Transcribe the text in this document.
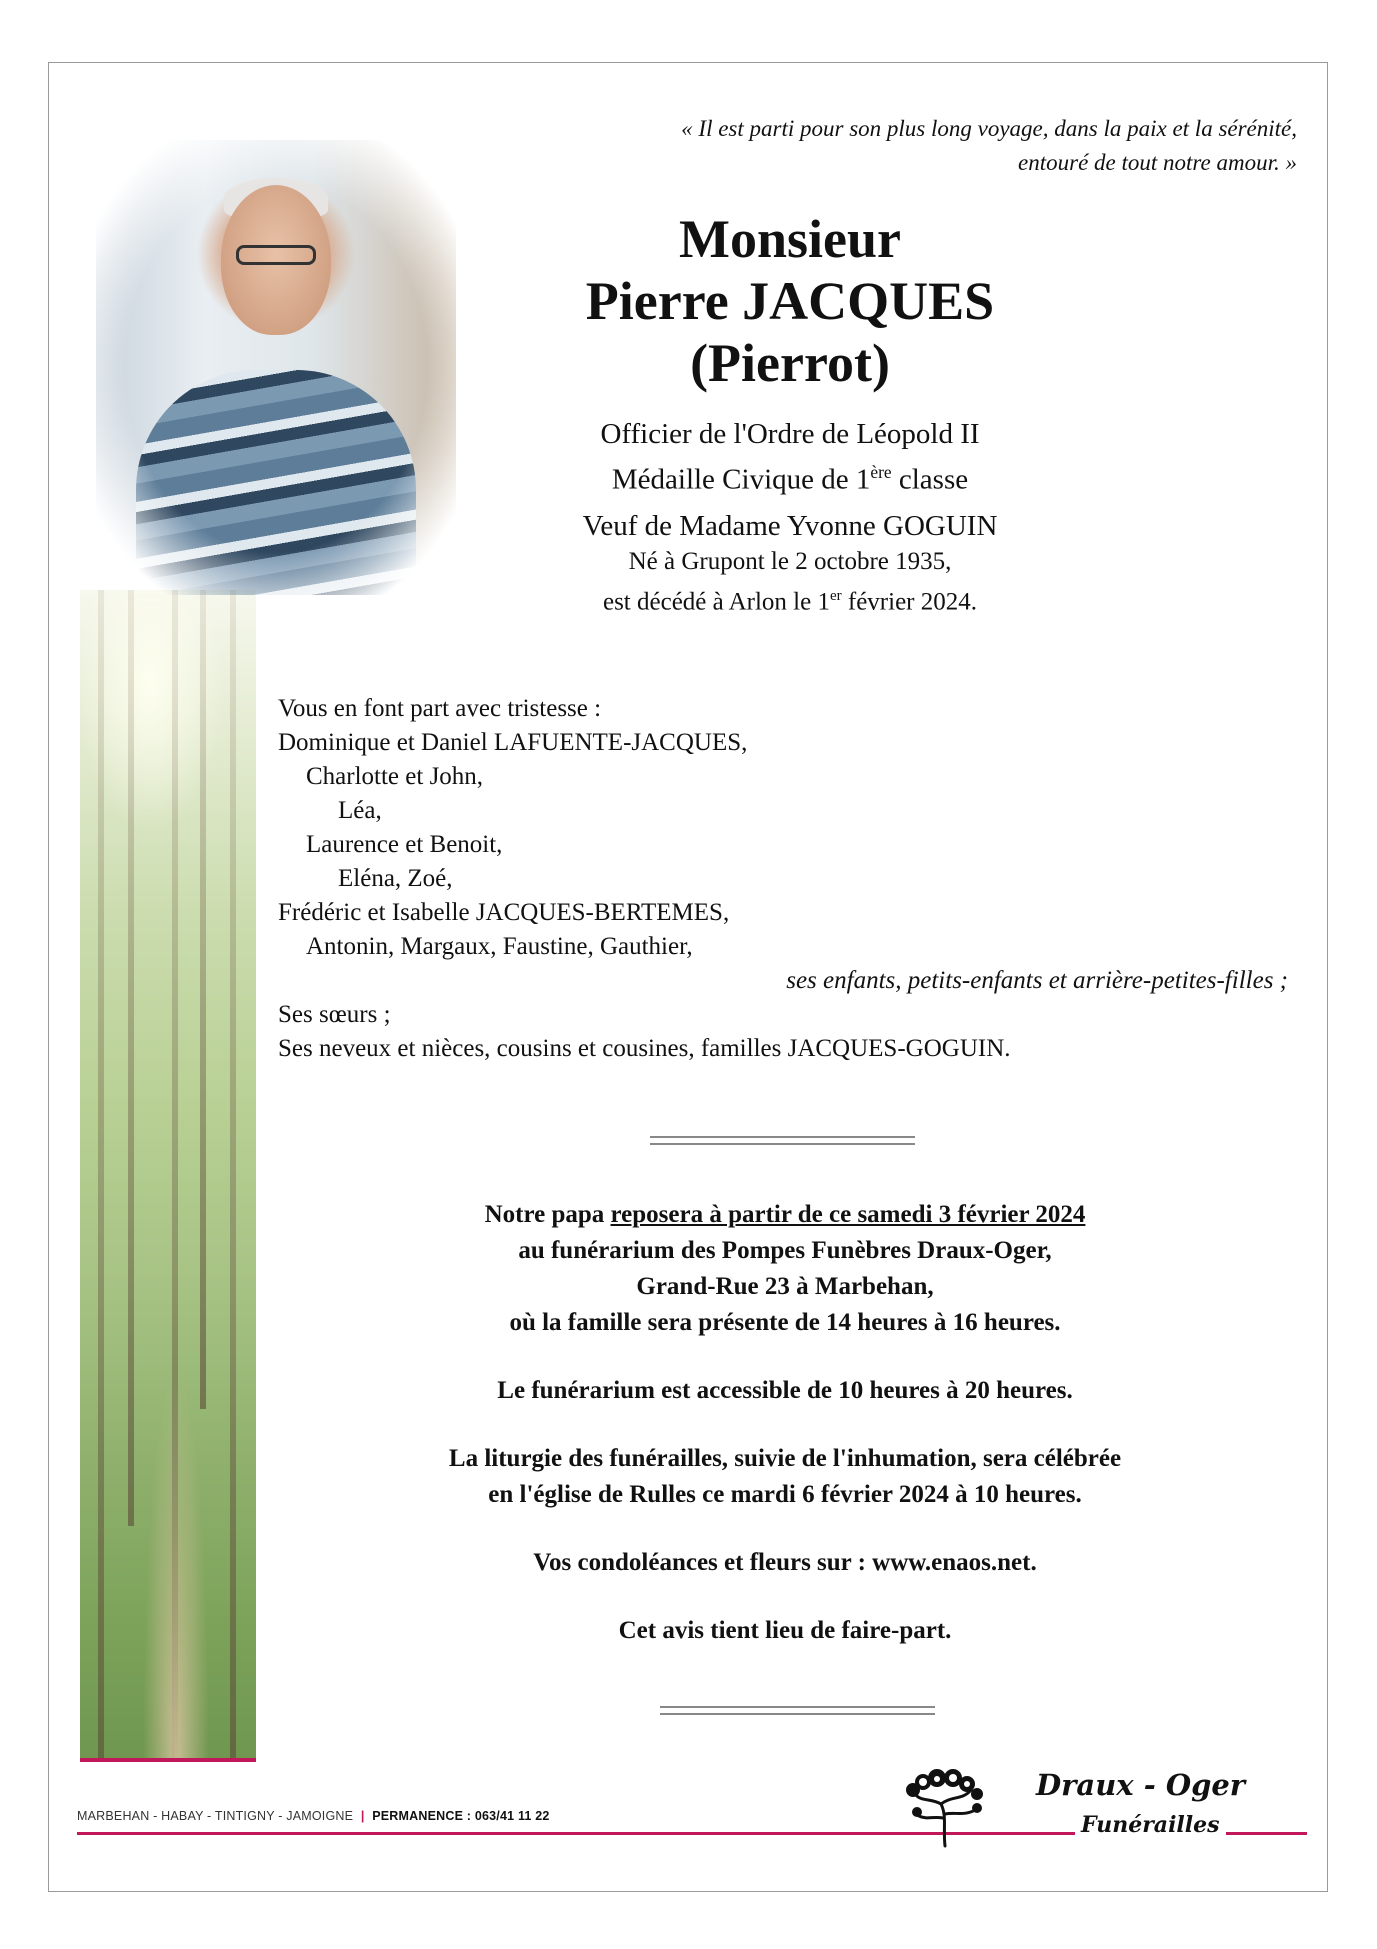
« Il est parti pour son plus long voyage, dans la paix et la sérénité,
entouré de tout notre amour. »
Monsieur
Pierre JACQUES
(Pierrot)
Officier de l'Ordre de Léopold II
Médaille Civique de 1ère classe
Veuf de Madame Yvonne GOGUIN
Né à Grupont le 2 octobre 1935,
est décédé à Arlon le 1er février 2024.
Vous en font part avec tristesse :
Dominique et Daniel LAFUENTE-JACQUES,
Charlotte et John,
Léa,
Laurence et Benoit,
Eléna, Zoé,
Frédéric et Isabelle JACQUES-BERTEMES,
Antonin, Margaux, Faustine, Gauthier,
ses enfants, petits-enfants et arrière-petites-filles ;
Ses sœurs ;
Ses neveux et nièces, cousins et cousines, familles JACQUES-GOGUIN.

Notre papa reposera à partir de ce samedi 3 février 2024
au funérarium des Pompes Funèbres Draux-Oger,
Grand-Rue 23 à Marbehan,
où la famille sera présente de 14 heures à 16 heures.

Le funérarium est accessible de 10 heures à 20 heures.

La liturgie des funérailles, suivie de l'inhumation, sera célébrée
en l'église de Rulles ce mardi 6 février 2024 à 10 heures.

Vos condoléances et fleurs sur : www.enaos.net.

Cet avis tient lieu de faire-part.

MARBEHAN - HABAY - TINTIGNY - JAMOIGNE | PERMANENCE : 063/41 11 22
Draux - Oger
Funérailles
